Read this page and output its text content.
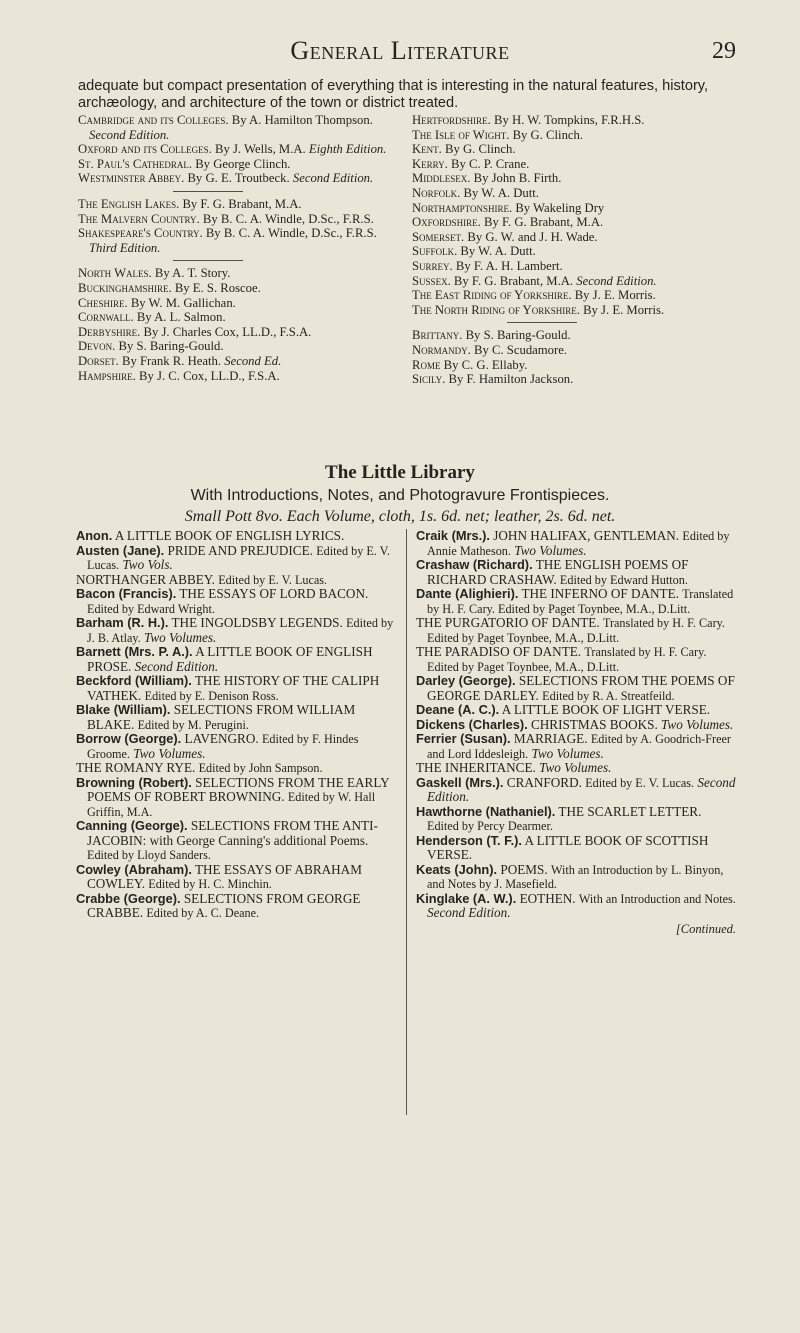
General Literature	29
adequate but compact presentation of everything that is interesting in the natural features, history, archæology, and architecture of the town or district treated.
Cambridge and its Colleges. By A. Hamilton Thompson. Second Edition.
Oxford and its Colleges. By J. Wells, M.A. Eighth Edition.
St. Paul's Cathedral. By George Clinch.
Westminster Abbey. By G. E. Troutbeck. Second Edition.
The English Lakes. By F. G. Brabant, M.A.
The Malvern Country. By B. C. A. Windle, D.Sc., F.R.S.
Shakespeare's Country. By B. C. A. Windle, D.Sc., F.R.S. Third Edition.
North Wales. By A. T. Story.
Buckinghamshire. By E. S. Roscoe.
Cheshire. By W. M. Gallichan.
Cornwall. By A. L. Salmon.
Derbyshire. By J. Charles Cox, LL.D., F.S.A.
Devon. By S. Baring-Gould.
Dorset. By Frank R. Heath. Second Ed.
Hampshire. By J. C. Cox, LL.D., F.S.A.
Hertfordshire. By H. W. Tompkins, F.R.H.S.
The Isle of Wight. By G. Clinch.
Kent. By G. Clinch.
Kerry. By C. P. Crane.
Middlesex. By John B. Firth.
Norfolk. By W. A. Dutt.
Northamptonshire. By Wakeling Dry
Oxfordshire. By F. G. Brabant, M.A.
Somerset. By G. W. and J. H. Wade.
Suffolk. By W. A. Dutt.
Surrey. By F. A. H. Lambert.
Sussex. By F. G. Brabant, M.A. Second Edition.
The East Riding of Yorkshire. By J. E. Morris.
The North Riding of Yorkshire. By J. E. Morris.
Brittany. By S. Baring-Gould.
Normandy. By C. Scudamore.
Rome By C. G. Ellaby.
Sicily. By F. Hamilton Jackson.
The Little Library
With Introductions, Notes, and Photogravure Frontispieces.
Small Pott 8vo. Each Volume, cloth, 1s. 6d. net; leather, 2s. 6d. net.
Anon. A LITTLE BOOK OF ENGLISH LYRICS.
Austen (Jane). PRIDE AND PREJUDICE. Edited by E. V. Lucas. Two Vols.
NORTHANGER ABBEY. Edited by E. V. Lucas.
Bacon (Francis). THE ESSAYS OF LORD BACON. Edited by Edward Wright.
Barham (R. H.). THE INGOLDSBY LEGENDS. Edited by J. B. Atlay. Two Volumes.
Barnett (Mrs. P. A.). A LITTLE BOOK OF ENGLISH PROSE. Second Edition.
Beckford (William). THE HISTORY OF THE CALIPH VATHEK. Edited by E. Denison Ross.
Blake (William). SELECTIONS FROM WILLIAM BLAKE. Edited by M. Perugini.
Borrow (George). LAVENGRO. Edited by F. Hindes Groome. Two Volumes.
THE ROMANY RYE. Edited by John Sampson.
Browning (Robert). SELECTIONS FROM THE EARLY POEMS OF ROBERT BROWNING. Edited by W. Hall Griffin, M.A.
Canning (George). SELECTIONS FROM THE ANTI-JACOBIN: with George Canning's additional Poems. Edited by Lloyd Sanders.
Cowley (Abraham). THE ESSAYS OF ABRAHAM COWLEY. Edited by H. C. Minchin.
Crabbe (George). SELECTIONS FROM GEORGE CRABBE. Edited by A. C. Deane.
Craik (Mrs.). JOHN HALIFAX, GENTLEMAN. Edited by Annie Matheson. Two Volumes.
Crashaw (Richard). THE ENGLISH POEMS OF RICHARD CRASHAW. Edited by Edward Hutton.
Dante (Alighieri). THE INFERNO OF DANTE. Translated by H. F. Cary. Edited by Paget Toynbee, M.A., D.Litt.
THE PURGATORIO OF DANTE. Translated by H. F. Cary. Edited by Paget Toynbee, M.A., D.Litt.
THE PARADISO OF DANTE. Translated by H. F. Cary. Edited by Paget Toynbee, M.A., D.Litt.
Darley (George). SELECTIONS FROM THE POEMS OF GEORGE DARLEY. Edited by R. A. Streatfeild.
Deane (A. C.). A LITTLE BOOK OF LIGHT VERSE.
Dickens (Charles). CHRISTMAS BOOKS. Two Volumes.
Ferrier (Susan). MARRIAGE. Edited by A. Goodrich-Freer and Lord Iddesleigh. Two Volumes.
THE INHERITANCE. Two Volumes.
Gaskell (Mrs.). CRANFORD. Edited by E. V. Lucas. Second Edition.
Hawthorne (Nathaniel). THE SCARLET LETTER. Edited by Percy Dearmer.
Henderson (T. F.). A LITTLE BOOK OF SCOTTISH VERSE.
Keats (John). POEMS. With an Introduction by L. Binyon, and Notes by J. Masefield.
Kinglake (A. W.). EOTHEN. With an Introduction and Notes. Second Edition.
[Continued.
